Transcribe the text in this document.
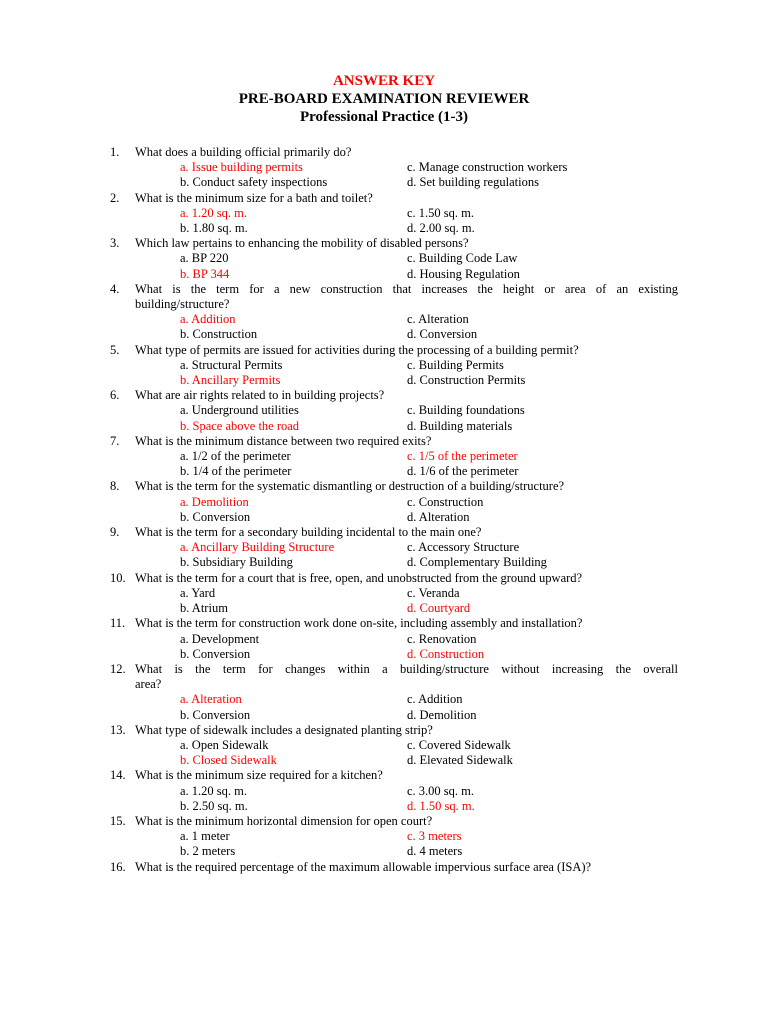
ANSWER KEY
PRE-BOARD EXAMINATION REVIEWER
Professional Practice (1-3)
1.	What does a building official primarily do?
a. Issue building permits	c. Manage construction workers
b. Conduct safety inspections	d. Set building regulations
2.	What is the minimum size for a bath and toilet?
a. 1.20 sq. m.	c. 1.50 sq. m.
b. 1.80 sq. m.	d. 2.00 sq. m.
3.	Which law pertains to enhancing the mobility of disabled persons?
a. BP 220	c. Building Code Law
b. BP 344	d. Housing Regulation
4.	What is the term for a new construction that increases the height or area of an existing
building/structure?
a. Addition	c. Alteration
b. Construction	d. Conversion
5.	What type of permits are issued for activities during the processing of a building permit?
a. Structural Permits	c. Building Permits
b. Ancillary Permits	d. Construction Permits
6.	What are air rights related to in building projects?
a. Underground utilities	c. Building foundations
b. Space above the road	d. Building materials
7.	What is the minimum distance between two required exits?
a. 1/2 of the perimeter	c. 1/5 of the perimeter
b. 1/4 of the perimeter	d. 1/6 of the perimeter
8.	What is the term for the systematic dismantling or destruction of a building/structure?
a. Demolition	c. Construction
b. Conversion	d. Alteration
9.	What is the term for a secondary building incidental to the main one?
a. Ancillary Building Structure	c. Accessory Structure
b. Subsidiary Building	d. Complementary Building
10. What is the term for a court that is free, open, and unobstructed from the ground upward?
a. Yard	c. Veranda
b. Atrium	d. Courtyard
11. What is the term for construction work done on-site, including assembly and installation?
a. Development	c. Renovation
b. Conversion	d. Construction
12. What is the term for changes within a building/structure without increasing the overall
area?
a. Alteration	c. Addition
b. Conversion	d. Demolition
13. What type of sidewalk includes a designated planting strip?
a. Open Sidewalk	c. Covered Sidewalk
b. Closed Sidewalk	d. Elevated Sidewalk
14. What is the minimum size required for a kitchen?
a. 1.20 sq. m.	c. 3.00 sq. m.
b. 2.50 sq. m.	d. 1.50 sq. m.
15. What is the minimum horizontal dimension for open court?
a. 1 meter	c. 3 meters
b. 2 meters	d. 4 meters
16. What is the required percentage of the maximum allowable impervious surface area (ISA)?
